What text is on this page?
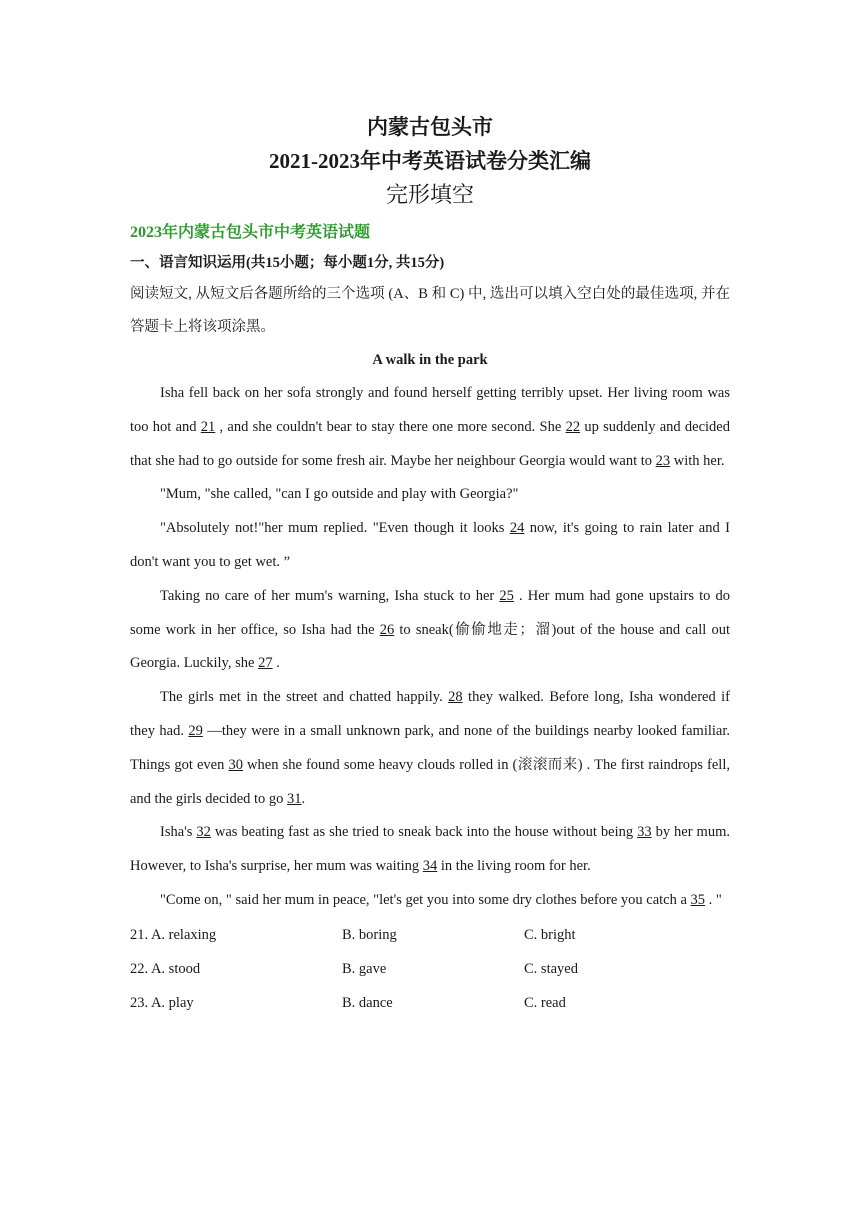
内蒙古包头市

2021-2023年中考英语试卷分类汇编

完形填空

2023年内蒙古包头市中考英语试题
一、语言知识运用(共15小题；每小题1分, 共15分)
阅读短文, 从短文后各题所给的三个选项 (A、B 和 C) 中, 选出可以填入空白处的最佳选项, 并在答题卡上将该项涂黑。
A walk in the park

Isha fell back on her sofa strongly and found herself getting terribly upset. Her living room was too hot and 21 , and she couldn't bear to stay there one more second. She 22 up suddenly and decided that she had to go outside for some fresh air. Maybe her neighbour Georgia would want to 23 with her.

"Mum, "she called, "can I go outside and play with Georgia?"

"Absolutely not!"her mum replied. "Even though it looks 24 now, it's going to rain later and I don't want you to get wet. ”

Taking no care of her mum's warning, Isha stuck to her 25 . Her mum had gone upstairs to do some work in her office, so Isha had the 26 to sneak(偷偷地走；溜)out of the house and call out Georgia. Luckily, she 27 .

The girls met in the street and chatted happily. 28 they walked. Before long, Isha wondered if they had. 29 —they were in a small unknown park, and none of the buildings nearby looked familiar. Things got even 30 when she found some heavy clouds rolled in (滚滚而来) . The first raindrops fell, and the girls decided to go 31.

Isha's 32 was beating fast as she tried to sneak back into the house without being 33 by her mum. However, to Isha's surprise, her mum was waiting 34 in the living room for her.

"Come on, " said her mum in peace, "let's get you into some dry clothes before you catch a 35 . "

21. A. relaxing	B. boring	C. bright
22. A. stood	B. gave	C. stayed
23. A. play	B. dance	C. read
